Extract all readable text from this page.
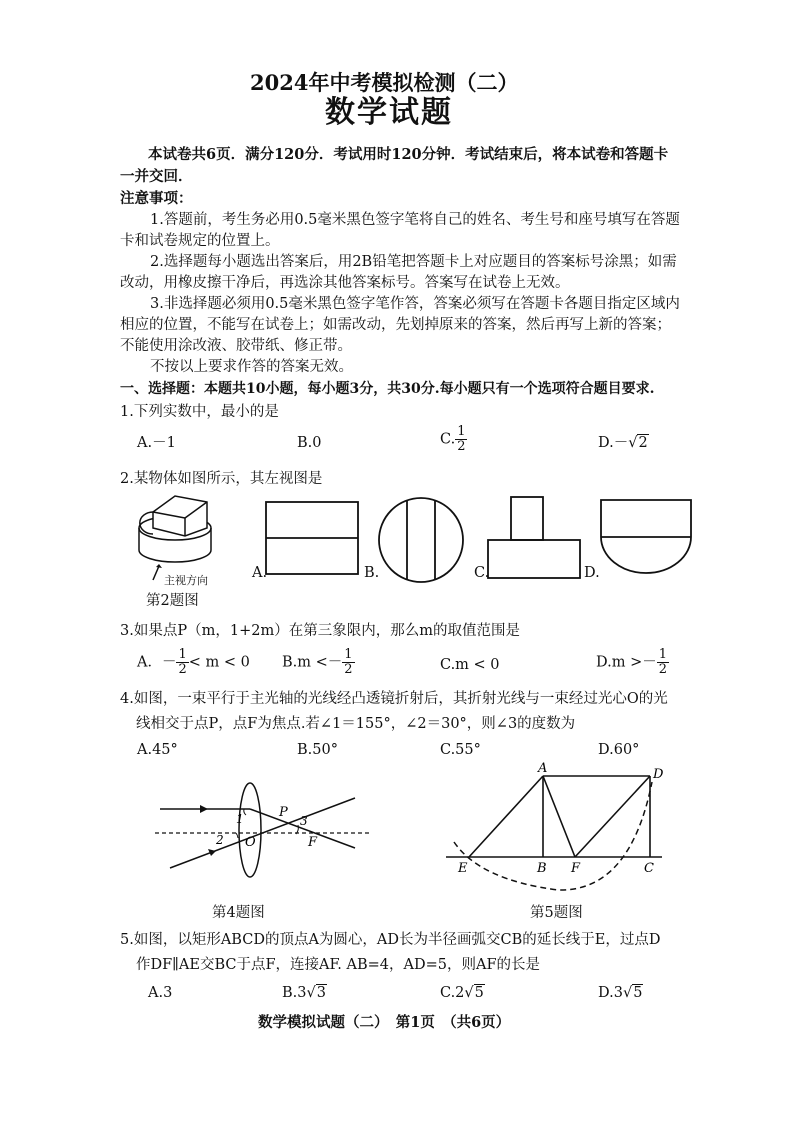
2024年中考模拟检测（二）
数学试题
本试卷共6页．满分120分．考试用时120分钟．考试结束后，将本试卷和答题卡
一并交回．
注意事项：
1.答题前，考生务必用0.5毫米黑色签字笔将自己的姓名、考生号和座号填写在答题
卡和试卷规定的位置上。
2.选择题每小题选出答案后，用2B铅笔把答题卡上对应题目的答案标号涂黑；如需
改动，用橡皮擦干净后，再选涂其他答案标号。答案写在试卷上无效。
3.非选择题必须用0.5毫米黑色签字笔作答，答案必须写在答题卡各题目指定区域内
相应的位置，不能写在试卷上；如需改动，先划掉原来的答案，然后再写上新的答案；
不能使用涂改液、胶带纸、修正带。
不按以上要求作答的答案无效。
一、选择题：本题共10小题，每小题3分，共30分.每小题只有一个选项符合题目要求.
1.下列实数中，最小的是
A.－1	B.0	C. $\frac{1}{2}$	D.－√2
2.某物体如图所示，其左视图是
主视方向
第2题图
A.	B.	C.	D.
3.如果点P（m，1+2m）在第三象限内，那么m的取值范围是
A．－ $\frac{1}{2} < m < 0$ $B.m <- \frac{1}{2}$	C.m < 0	$D.m >- \frac{1}{2}$
4.如图，一束平行于主光轴的光线经凸透镜折射后，其折射光线与一束经过光心O的光
线相交于点P，点F为焦点.若∠1＝155°，∠2＝30°，则∠3的度数为
A.45°	B.50°	C.55°	D.60°
1
2
3
P
O	F
第4题图
A	D
E	B F	C
第5题图
5.如图，以矩形ABCD的顶点A为圆心，AD长为半径画弧交CB的延长线于E，过点D
作DF∥AE交BC于点F，连接AF. AB=4，AD=5，则AF的长是
A.3	B.3√3	C.2√5	D.3√5
数学模拟试题（二）　第1页　（共6页）
